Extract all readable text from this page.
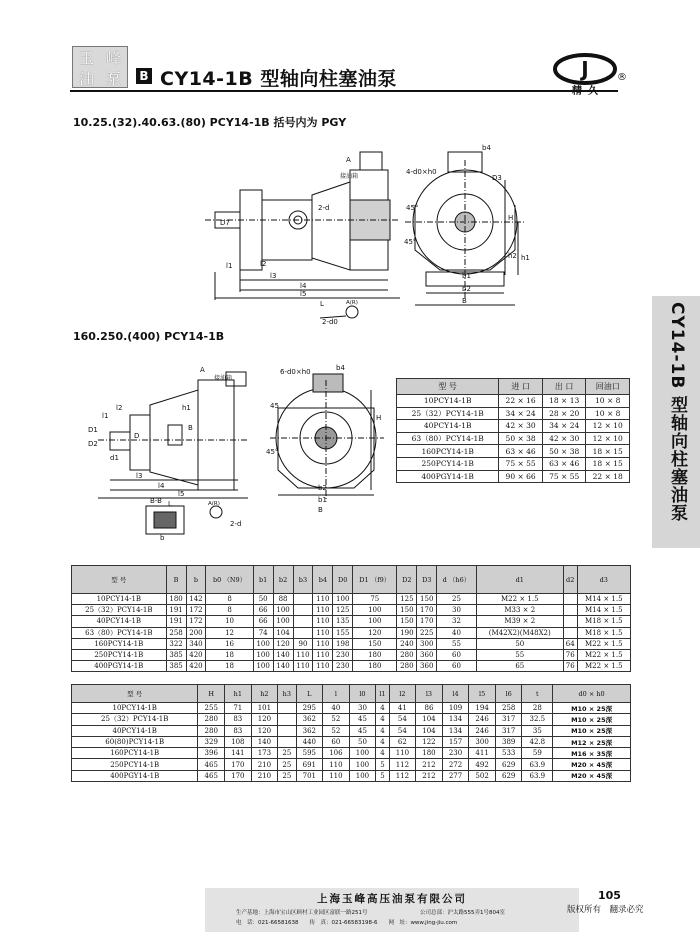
玉 峰
油 泵	B CY14-1B 型轴向柱塞油泵	J	®
精久
CY14-1B 型轴向柱塞油泵
10.25.(32).40.63.(80) PCY14-1B 括号内为 PGY
A
接油箱
D7
2-d
l1	l2
l3
l4
l5
L	A(R)
2-d0
4-d0×h0
D3
b4
45°
45°
H
b1
b2
B
h1
h2
160.250.(400) PCY14-1B
A
接油箱
l1
l2
l3
l4
l5
L
D1
D2
D
h1
B
B-B
b
A(R)
2-d
d1
6-d0×h0	b4
45
45°
H
b1
b2
B
型 号	进 口	出 口	回油口
10PCY14-1B	22 × 16	18 × 13	10 × 8
25（32）PCY14-1B	34 × 24	28 × 20	10 × 8
40PCY14-1B	42 × 30	34 × 24	12 × 10
63（80）PCY14-1B	50 × 38	42 × 30	12 × 10
160PCY14-1B	63 × 46	50 × 38	18 × 15
250PCY14-1B	75 × 55	63 × 46	18 × 15
400PGY14-1B	90 × 66	75 × 55	22 × 18
型 号	B	b	b0 （N9）	b1	b2	b3	b4	D0	D1 （f9）	D2	D3	d （h6）	d1	d2	d3
10PCY14-1B	180	142	8	50	88		110	100	75	125	150	25	M22 × 1.5		M14 × 1.5
25（32）PCY14-1B	191	172	8	66	100		110	125	100	150	170	30	M33 × 2		M14 × 1.5
40PCY14-1B	191	172	10	66	100		110	135	100	150	170	32	M39 × 2		M18 × 1.5
63（80）PCY14-1B	258	200	12	74	104		110	155	120	190	225	40	(M42X2)(M48X2)		M18 × 1.5
160PCY14-1B	322	340	16	100	120	90	110	198	150	240	300	55	50	64	M22 × 1.5
250PCY14-1B	385	420	18	100	140	110	110	230	180	280	360	60	55	76	M22 × 1.5
400PGY14-1B	385	420	18	100	140	110	110	230	180	280	360	60	65	76	M22 × 1.5
型 号	H	h1	h2	h3	L	l	l0	l1	l2	l3	l4	l5	l6	t	d0 × h0
10PCY14-1B	255	71	101		295	40	30	4	41	86	109	194	258	28	M10 × 25深
25（32）PCY14-1B	280	83	120		362	52	45	4	54	104	134	246	317	32.5	M10 × 25深
40PCY14-1B	280	83	120		362	52	45	4	54	104	134	246	317	35	M10 × 25深
60(80)PCY14-1B	329	108	140		440	60	50	4	62	122	157	300	389	42.8	M12 × 25深
160PCY14-1B	396	141	173	25	595	106	100	4	110	180	230	411	533	59	M16 × 35深
250PCY14-1B	465	170	210	25	691	110	100	5	112	212	272	492	629	63.9	M20 × 45深
400PGY14-1B	465	170	210	25	701	110	100	5	112	212	277	502	629	63.9	M20 × 45深
上海玉峰高压油泵有限公司
生产基地：上海市宝山区顾村工业园区富联一路251号	公司总部：沪太路555弄1号804室
电　话：021-66581638　　传　真：021-66583198-6　　网　址：www.jing-jiu.com
105
版权所有　翻录必究
